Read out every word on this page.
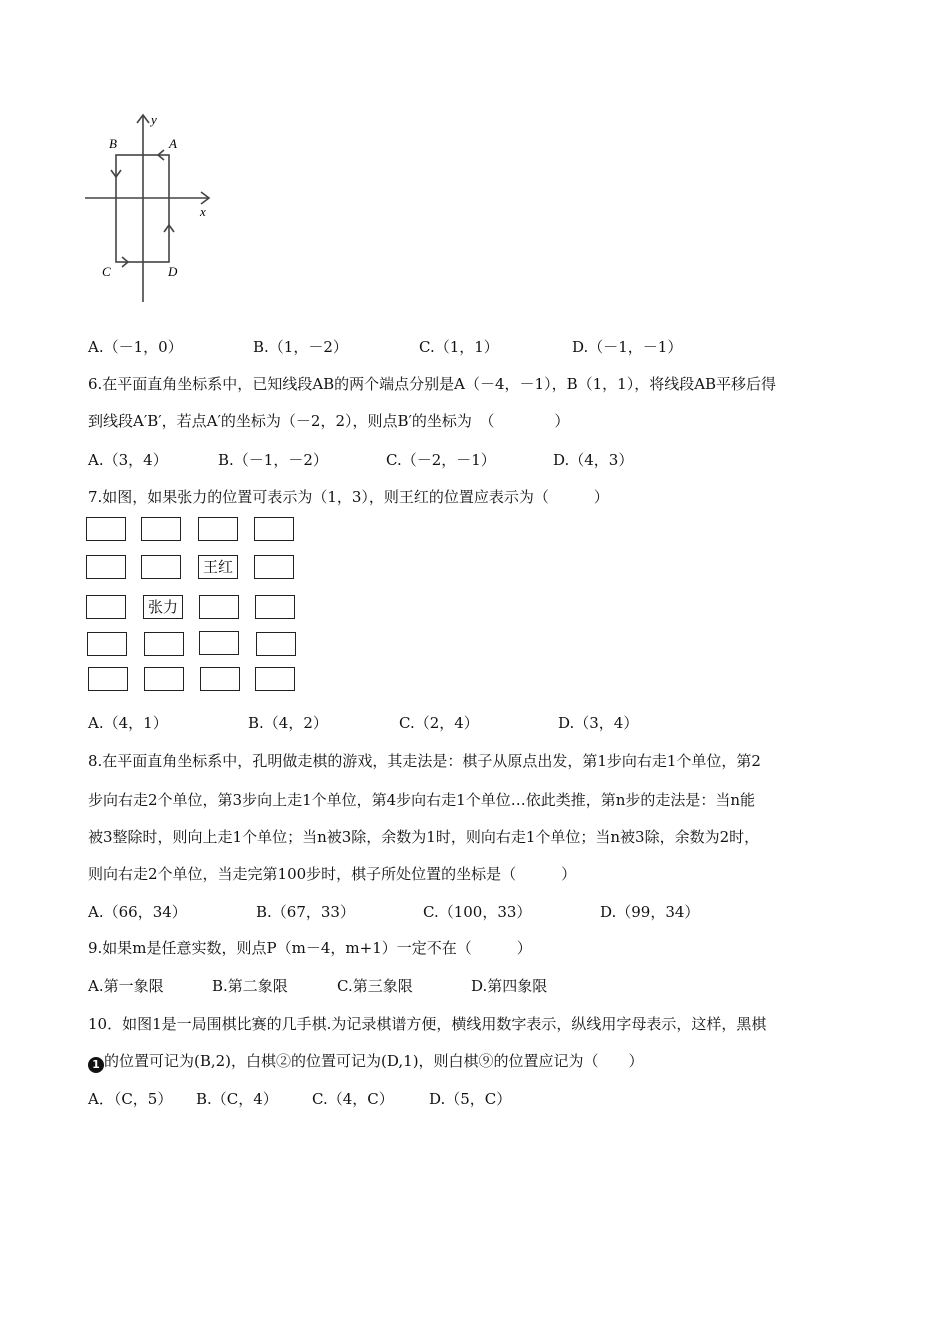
y
x
A
B
C	D
A.（－1，0）	B.（1，－2）	C.（1，1）	D.（－1，－1）
6.在平面直角坐标系中，已知线段AB的两个端点分别是A（－4，－1），B（1，1），将线段AB平移后得
到线段A′B′，若点A′的坐标为（－2，2），则点B′的坐标为　（　　　　）
A.（3，4）	B.（－1，－2）	C.（－2，－1）	D.（4，3）
7.如图，如果张力的位置可表示为（1，3），则王红的位置应表示为（　　　）
王红
张力
A.（4，1）	B.（4，2）	C.（2，4）	D.（3，4）
8.在平面直角坐标系中，孔明做走棋的游戏，其走法是：棋子从原点出发，第1步向右走1个单位，第2
步向右走2个单位，第3步向上走1个单位，第4步向右走1个单位…依此类推，第n步的走法是：当n能
被3整除时，则向上走1个单位；当n被3除，余数为1时，则向右走1个单位；当n被3除，余数为2时，
则向右走2个单位，当走完第100步时，棋子所处位置的坐标是（　　　）
A.（66，34）	B.（67，33）	C.（100，33）	D.（99，34）
9.如果m是任意实数，则点P（m－4，m+1）一定不在（　　　）
A.第一象限	B.第二象限	C.第三象限	D.第四象限
10．如图1是一局围棋比赛的几手棋.为记录棋谱方便，横线用数字表示，纵线用字母表示，这样，黑棋
1 的位置可记为(B,2)，白棋②的位置可记为(D,1)，则白棋⑨的位置应记为（　　）
A．（C，5） B.（C，4） C.（4，C） D.（5，C）
